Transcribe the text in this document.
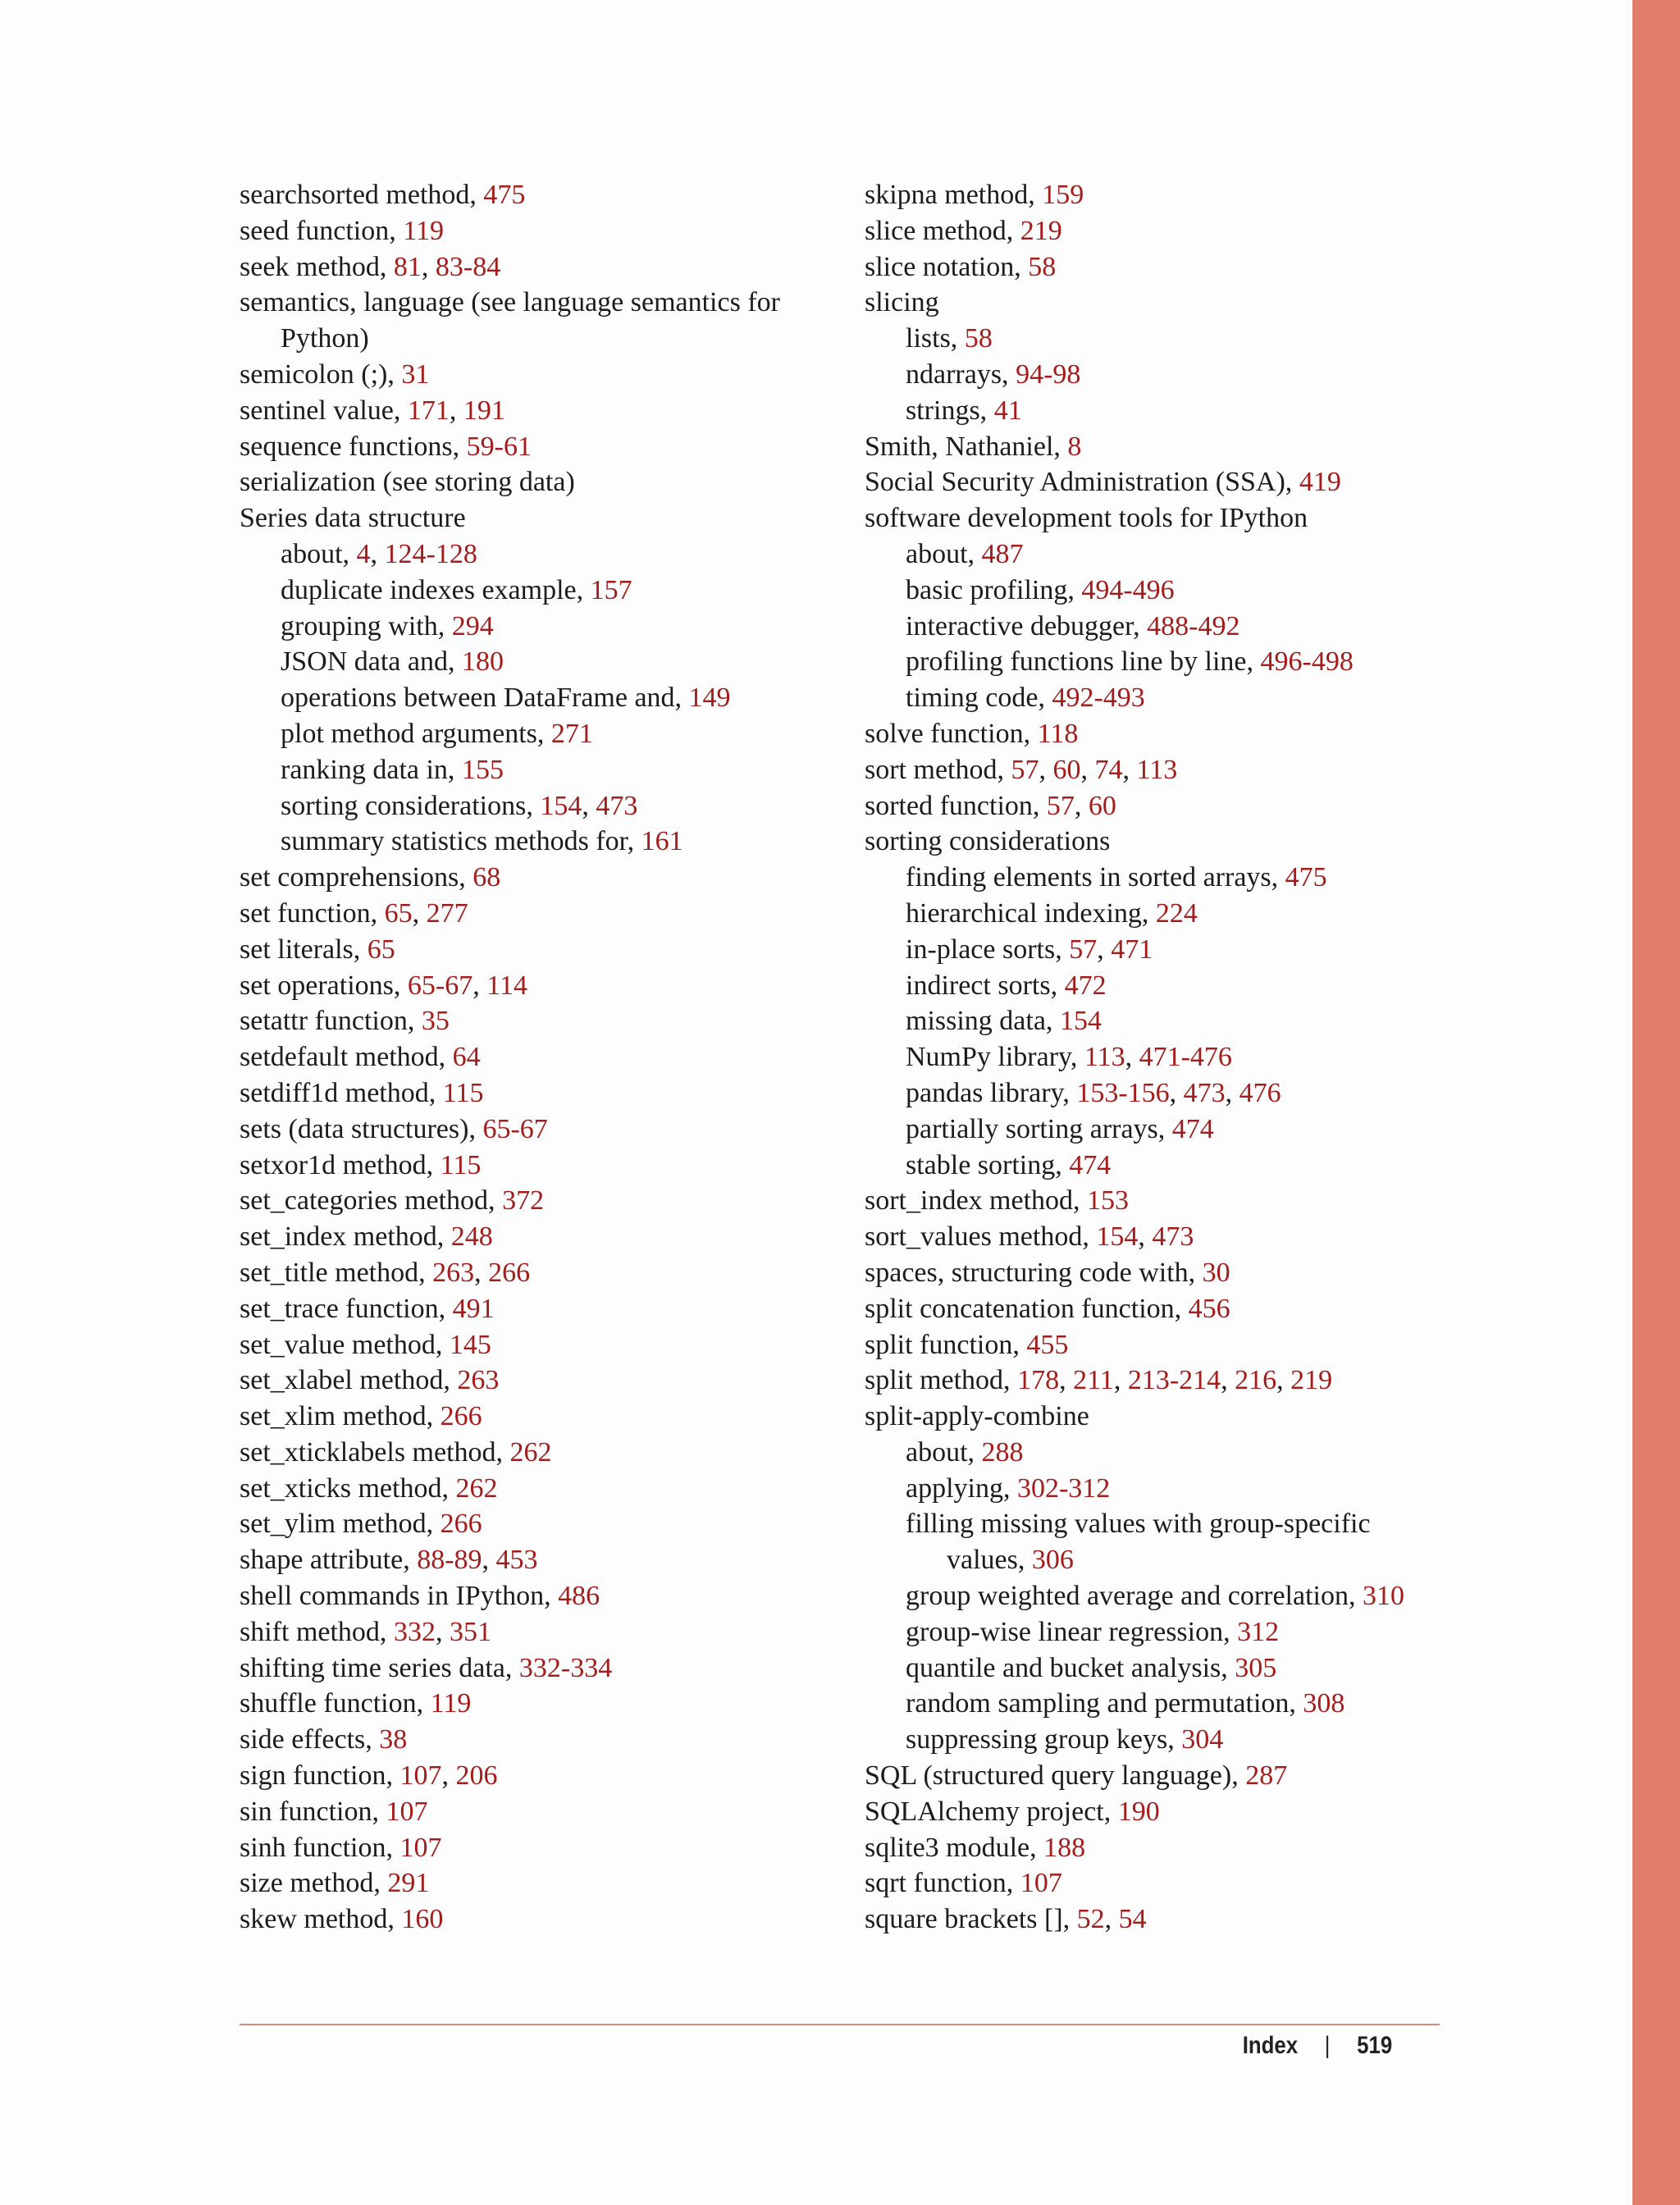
searchsorted method, 475
seed function, 119
seek method, 81, 83-84
semantics, language (see language semantics for
Python)
semicolon (;), 31
sentinel value, 171, 191
sequence functions, 59-61
serialization (see storing data)
Series data structure
about, 4, 124-128
duplicate indexes example, 157
grouping with, 294
JSON data and, 180
operations between DataFrame and, 149
plot method arguments, 271
ranking data in, 155
sorting considerations, 154, 473
summary statistics methods for, 161
set comprehensions, 68
set function, 65, 277
set literals, 65
set operations, 65-67, 114
setattr function, 35
setdefault method, 64
setdiff1d method, 115
sets (data structures), 65-67
setxor1d method, 115
set_categories method, 372
set_index method, 248
set_title method, 263, 266
set_trace function, 491
set_value method, 145
set_xlabel method, 263
set_xlim method, 266
set_xticklabels method, 262
set_xticks method, 262
set_ylim method, 266
shape attribute, 88-89, 453
shell commands in IPython, 486
shift method, 332, 351
shifting time series data, 332-334
shuffle function, 119
side effects, 38
sign function, 107, 206
sin function, 107
sinh function, 107
size method, 291
skew method, 160
skipna method, 159
slice method, 219
slice notation, 58
slicing
lists, 58
ndarrays, 94-98
strings, 41
Smith, Nathaniel, 8
Social Security Administration (SSA), 419
software development tools for IPython
about, 487
basic profiling, 494-496
interactive debugger, 488-492
profiling functions line by line, 496-498
timing code, 492-493
solve function, 118
sort method, 57, 60, 74, 113
sorted function, 57, 60
sorting considerations
finding elements in sorted arrays, 475
hierarchical indexing, 224
in-place sorts, 57, 471
indirect sorts, 472
missing data, 154
NumPy library, 113, 471-476
pandas library, 153-156, 473, 476
partially sorting arrays, 474
stable sorting, 474
sort_index method, 153
sort_values method, 154, 473
spaces, structuring code with, 30
split concatenation function, 456
split function, 455
split method, 178, 211, 213-214, 216, 219
split-apply-combine
about, 288
applying, 302-312
filling missing values with group-specific
values, 306
group weighted average and correlation, 310
group-wise linear regression, 312
quantile and bucket analysis, 305
random sampling and permutation, 308
suppressing group keys, 304
SQL (structured query language), 287
SQLAlchemy project, 190
sqlite3 module, 188
sqrt function, 107
square brackets [], 52, 54
Index | 519
